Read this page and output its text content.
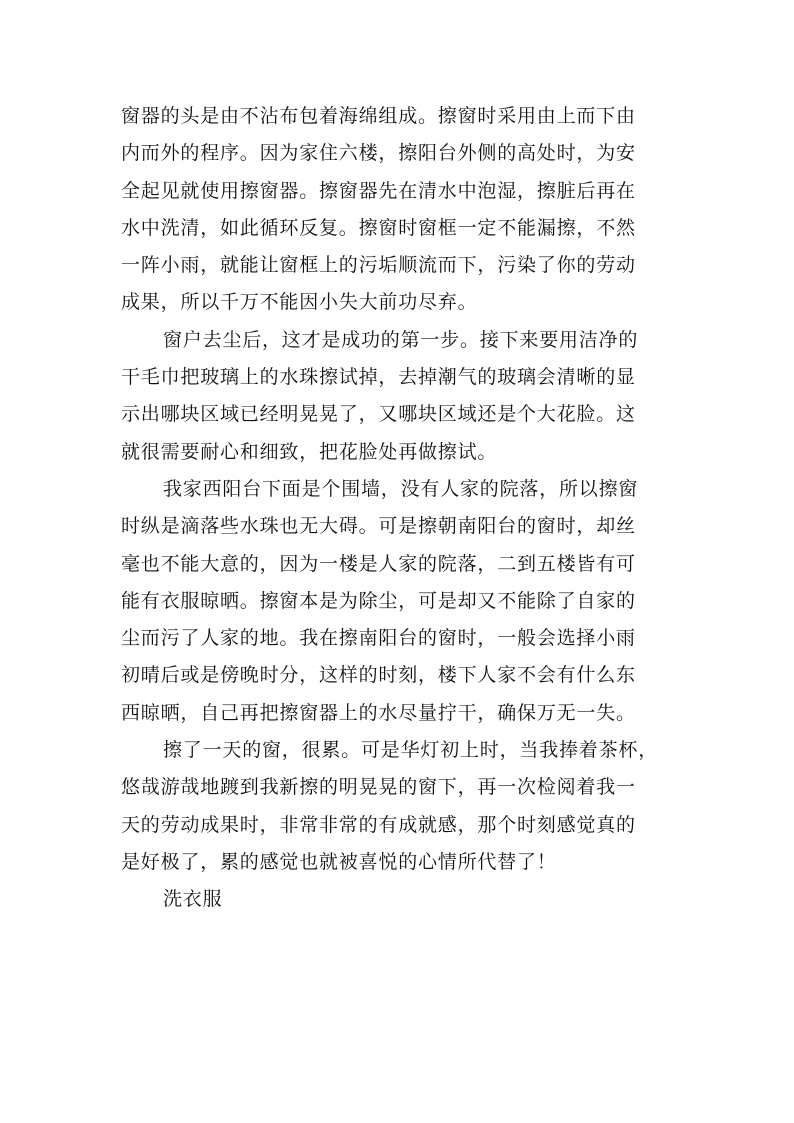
窗器的头是由不沾布包着海绵组成。擦窗时采用由上而下由
内而外的程序。因为家住六楼，擦阳台外侧的高处时，为安
全起见就使用擦窗器。擦窗器先在清水中泡湿，擦脏后再在
水中洗清，如此循环反复。擦窗时窗框一定不能漏擦，不然
一阵小雨，就能让窗框上的污垢顺流而下，污染了你的劳动
成果，所以千万不能因小失大前功尽弃。
窗户去尘后，这才是成功的第一步。接下来要用洁净的
干毛巾把玻璃上的水珠擦试掉，去掉潮气的玻璃会清晰的显
示出哪块区域已经明晃晃了，又哪块区域还是个大花脸。这
就很需要耐心和细致，把花脸处再做擦试。
我家西阳台下面是个围墙，没有人家的院落，所以擦窗
时纵是滴落些水珠也无大碍。可是擦朝南阳台的窗时，却丝
毫也不能大意的，因为一楼是人家的院落，二到五楼皆有可
能有衣服晾晒。擦窗本是为除尘，可是却又不能除了自家的
尘而污了人家的地。我在擦南阳台的窗时，一般会选择小雨
初晴后或是傍晚时分，这样的时刻，楼下人家不会有什么东
西晾晒，自己再把擦窗器上的水尽量拧干，确保万无一失。
擦了一天的窗，很累。可是华灯初上时，当我捧着茶杯，
悠哉游哉地踱到我新擦的明晃晃的窗下，再一次检阅着我一
天的劳动成果时，非常非常的有成就感，那个时刻感觉真的
是好极了，累的感觉也就被喜悦的心情所代替了！
洗衣服
